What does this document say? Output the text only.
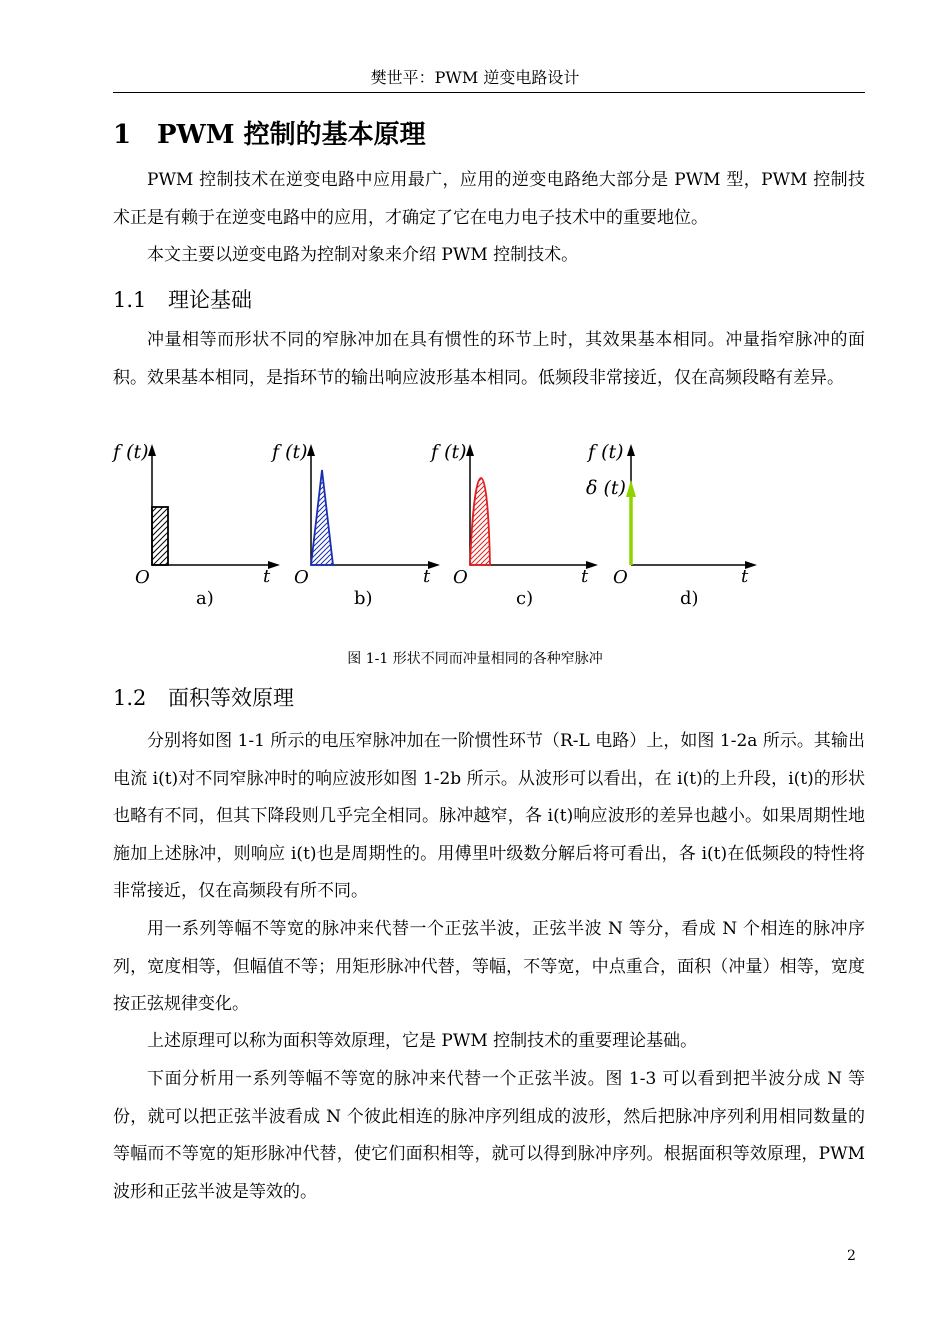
樊世平：PWM 逆变电路设计
1 PWM 控制的基本原理
PWM 控制技术在逆变电路中应用最广，应用的逆变电路绝大部分是 PWM 型，PWM 控制技术正是有赖于在逆变电路中的应用，才确定了它在电力电子技术中的重要地位。
本文主要以逆变电路为控制对象来介绍 PWM 控制技术。
1.1 理论基础
冲量相等而形状不同的窄脉冲加在具有惯性的环节上时，其效果基本相同。冲量指窄脉冲的面积。效果基本相同，是指环节的输出响应波形基本相同。低频段非常接近，仅在高频段略有差异。
f (t)
O	t
a)
f (t)
O	t
b)
f (t)
O	t
c)
f (t)
δ (t)
O	t
d)
图 1-1 形状不同而冲量相同的各种窄脉冲
1.2 面积等效原理
分别将如图 1-1 所示的电压窄脉冲加在一阶惯性环节（R-L 电路）上，如图 1-2a 所示。其输出电流 i(t)对不同窄脉冲时的响应波形如图 1-2b 所示。从波形可以看出，在 i(t)的上升段，i(t)的形状也略有不同，但其下降段则几乎完全相同。脉冲越窄，各 i(t)响应波形的差异也越小。如果周期性地施加上述脉冲，则响应 i(t)也是周期性的。用傅里叶级数分解后将可看出，各 i(t)在低频段的特性将非常接近，仅在高频段有所不同。
用一系列等幅不等宽的脉冲来代替一个正弦半波，正弦半波 N 等分，看成 N 个相连的脉冲序列，宽度相等，但幅值不等；用矩形脉冲代替，等幅，不等宽，中点重合，面积（冲量）相等，宽度按正弦规律变化。
上述原理可以称为面积等效原理，它是 PWM 控制技术的重要理论基础。
下面分析用一系列等幅不等宽的脉冲来代替一个正弦半波。图 1-3 可以看到把半波分成 N 等份，就可以把正弦半波看成 N 个彼此相连的脉冲序列组成的波形，然后把脉冲序列利用相同数量的等幅而不等宽的矩形脉冲代替，使它们面积相等，就可以得到脉冲序列。根据面积等效原理，PWM 波形和正弦半波是等效的。
2
